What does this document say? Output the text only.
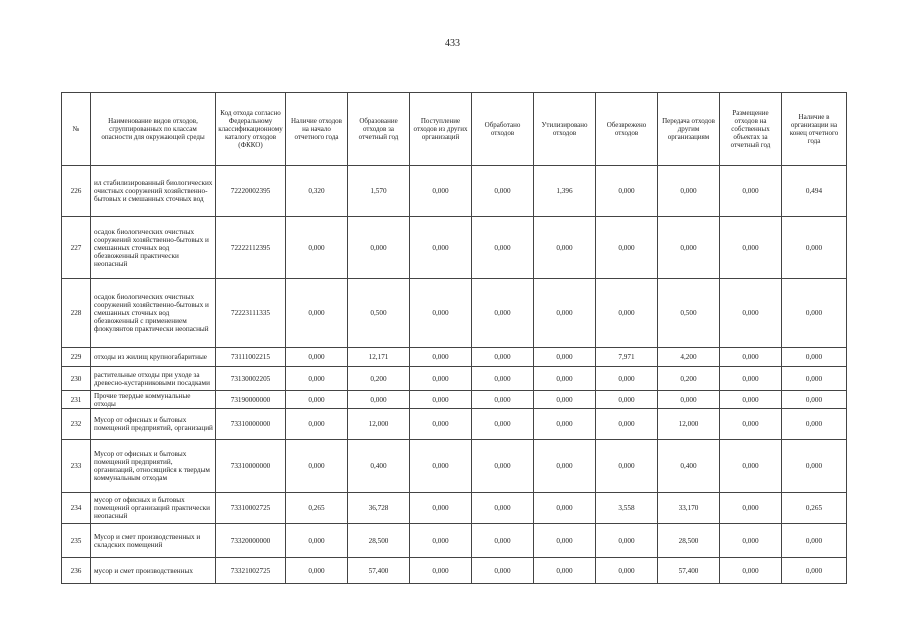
433
№	Наименование видов отходов, сгруппированных по классам опасности для окружающей среды	Код отхода согласно Федеральному классификационному каталогу отходов (ФККО)	Наличие отходов на начало отчетного года	Образование отходов за отчетный год	Поступление отходов из других организаций	Обработано отходов	Утилизировано отходов	Обезврежено отходов	Передача отходов другим организациям	Размещение отходов на собственных объектах за отчетный год	Наличие в организации на конец отчетного года
226	ил стабилизированный биологических очистных сооружений хозяйственно-бытовых и смешанных сточных вод	72220002395	0,320	1,570	0,000	0,000	1,396	0,000	0,000	0,000	0,494
227	осадок биологических очистных сооружений хозяйственно-бытовых и смешанных сточных вод обезвоженный практически неопасный	72222112395	0,000	0,000	0,000	0,000	0,000	0,000	0,000	0,000	0,000
228	осадок биологических очистных сооружений хозяйственно-бытовых и смешанных сточных вод обезвоженный с применением флокулянтов практически неопасный	72223111335	0,000	0,500	0,000	0,000	0,000	0,000	0,500	0,000	0,000
229	отходы из жилищ крупногабаритные	73111002215	0,000	12,171	0,000	0,000	0,000	7,971	4,200	0,000	0,000
230	растительные отходы при уходе за древесно-кустарниковыми посадками	73130002205	0,000	0,200	0,000	0,000	0,000	0,000	0,200	0,000	0,000
231	Прочие твердые коммунальные отходы	73190000000	0,000	0,000	0,000	0,000	0,000	0,000	0,000	0,000	0,000
232	Мусор от офисных и бытовых помещений предприятий, организаций	73310000000	0,000	12,000	0,000	0,000	0,000	0,000	12,000	0,000	0,000
233	Мусор от офисных и бытовых помещений предприятий, организаций, относящийся к твердым коммунальным отходам	73310000000	0,000	0,400	0,000	0,000	0,000	0,000	0,400	0,000	0,000
234	мусор от офисных и бытовых помещений организаций практически неопасный	73310002725	0,265	36,728	0,000	0,000	0,000	3,558	33,170	0,000	0,265
235	Мусор и смет производственных и складских помещений	73320000000	0,000	28,500	0,000	0,000	0,000	0,000	28,500	0,000	0,000
236	мусор и смет производственных	73321002725	0,000	57,400	0,000	0,000	0,000	0,000	57,400	0,000	0,000
